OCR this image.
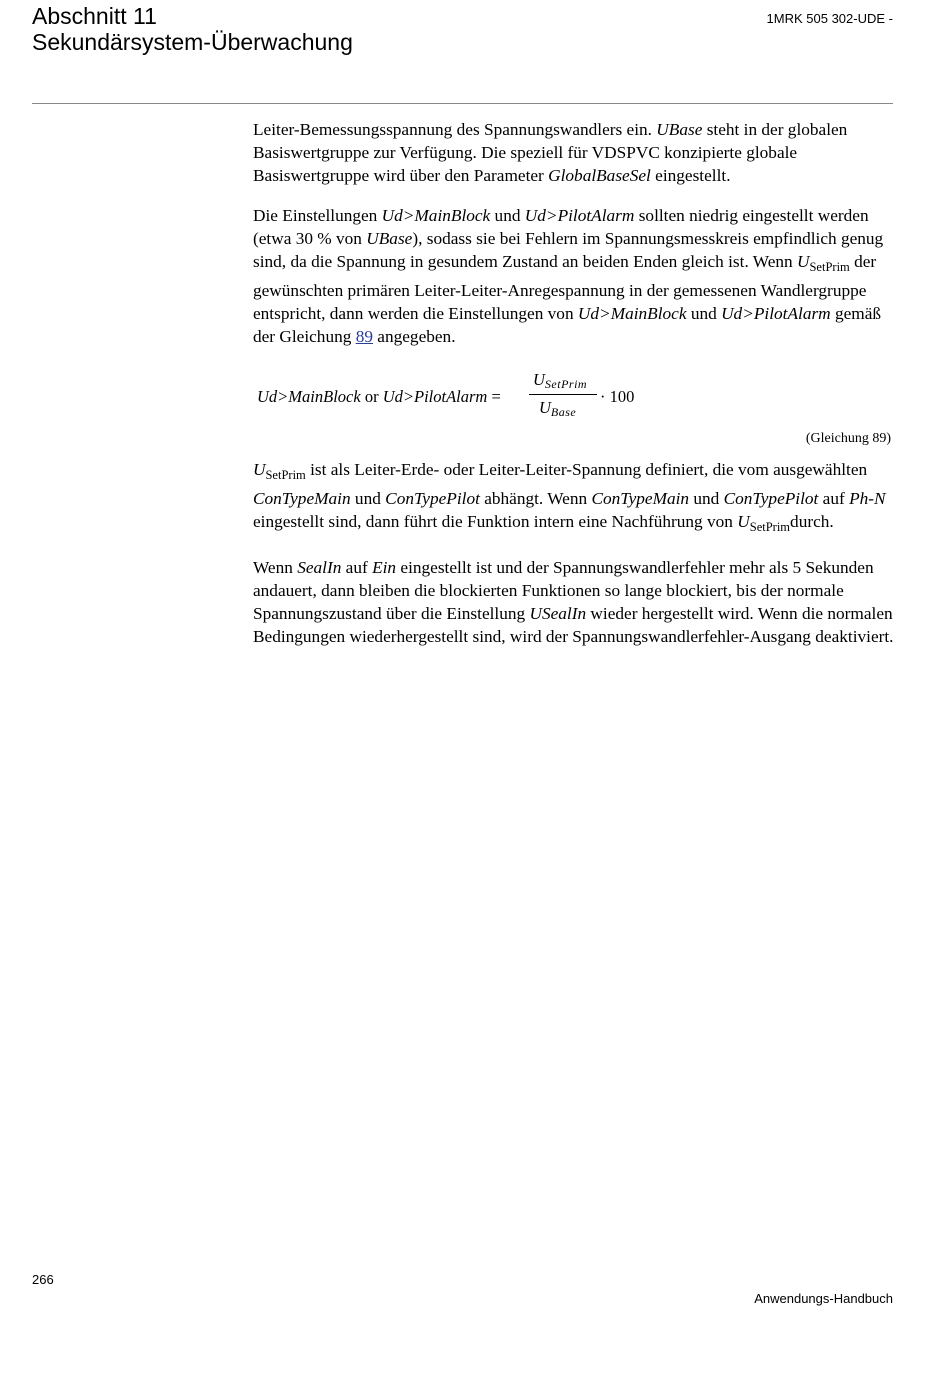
Abschnitt 11
Sekundärsystem-Überwachung
1MRK 505 302-UDE -

Leiter-Bemessungsspannung des Spannungswandlers ein. UBase steht in der globalen Basiswertgruppe zur Verfügung. Die speziell für VDSPVC konzipierte globale Basiswertgruppe wird über den Parameter GlobalBaseSel eingestellt.

Die Einstellungen Ud>MainBlock und Ud>PilotAlarm sollten niedrig eingestellt werden (etwa 30 % von UBase), sodass sie bei Fehlern im Spannungsmesskreis empfindlich genug sind, da die Spannung in gesundem Zustand an beiden Enden gleich ist. Wenn $U_{SetPrim}$ der gewünschten primären Leiter-Leiter-Anregespannung in der gemessenen Wandlergruppe entspricht, dann werden die Einstellungen von Ud>MainBlock und Ud>PilotAlarm gemäß der Gleichung 89 angegeben.

Ud>MainBlock or Ud>PilotAlarm =
USetPrim
UBase
· 100
(Gleichung 89)

$U_{SetPrim}$ ist als Leiter-Erde- oder Leiter-Leiter-Spannung definiert, die vom ausgewählten ConTypeMain und ConTypePilot abhängt. Wenn ConTypeMain und ConTypePilot auf Ph-N eingestellt sind, dann führt die Funktion intern eine Nachführung von $U_{SetPrim}durch$.

Wenn SealIn auf Ein eingestellt ist und der Spannungswandlerfehler mehr als 5 Sekunden andauert, dann bleiben die blockierten Funktionen so lange blockiert, bis der normale Spannungszustand über die Einstellung USealIn wieder hergestellt wird. Wenn die normalen Bedingungen wiederhergestellt sind, wird der Spannungswandlerfehler-Ausgang deaktiviert.

266
Anwendungs-Handbuch
